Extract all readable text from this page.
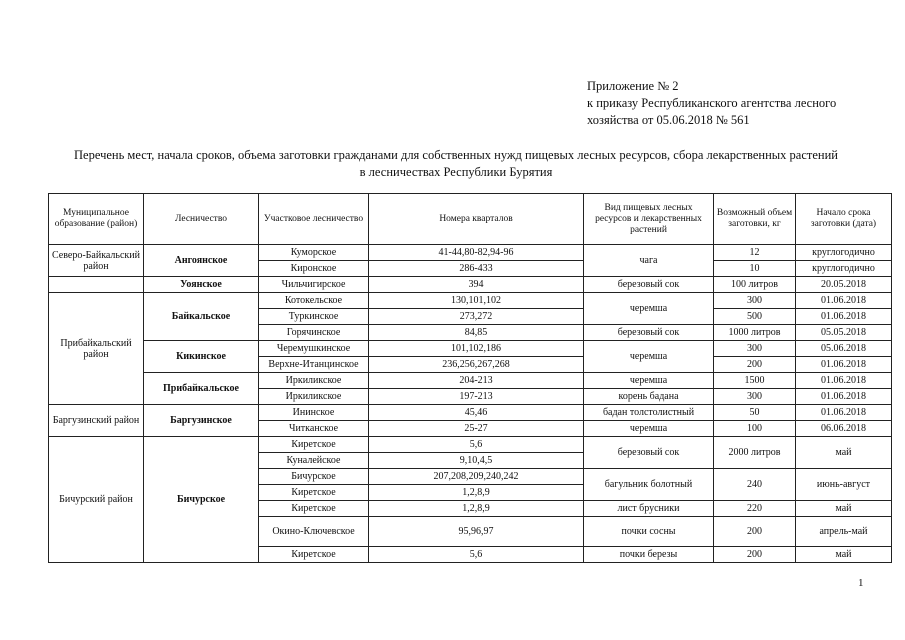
Приложение № 2
к приказу Республиканского агентства лесного
хозяйства от 05.06.2018 № 561
Перечень мест, начала сроков, объема заготовки гражданами для собственных нужд пищевых лесных ресурсов, сбора лекарственных растений
в лесничествах Республики Бурятия
Муниципальное образование (район)	Лесничество	Участковое лесничество	Номера кварталов	Вид пищевых лесных ресурсов и лекарственных растений	Возможный объем заготовки, кг	Начало срока заготовки (дата)
Северо-Байкальский район	Ангоянское	Куморское	41-44,80-82,94-96	чага	12	круглогодично
		Киронское	286-433		10	круглогодично
	Уоянское	Чильчигирское	394	березовый сок	100 литров	20.05.2018
Прибайкальский район	Байкальское	Котокельское	130,101,102	черемша	300	01.06.2018
		Туркинское	273,272		500	01.06.2018
		Горячинское	84,85	березовый сок	1000 литров	05.05.2018
	Кикинское	Черемушкинское	101,102,186	черемша	300	05.06.2018
		Верхне-Итанцинское	236,256,267,268		200	01.06.2018
	Прибайкальское	Иркиликское	204-213	черемша	1500	01.06.2018
		Иркиликское	197-213	корень бадана	300	01.06.2018
Баргузинский район	Баргузинское	Ининское	45,46	бадан толстолистный	50	01.06.2018
		Читканское	25-27	черемша	100	06.06.2018
Бичурский район	Бичурское	Киретское	5,6	березовый сок	2000 литров	май
		Куналейское	9,10,4,5			
		Бичурское	207,208,209,240,242	багульник болотный	240	июнь-август
		Киретское	1,2,8,9			
		Киретское	1,2,8,9	лист брусники	220	май
		Окино-Ключевское	95,96,97	почки сосны	200	апрель-май
		Киретское	5,6	почки березы	200	май
1
